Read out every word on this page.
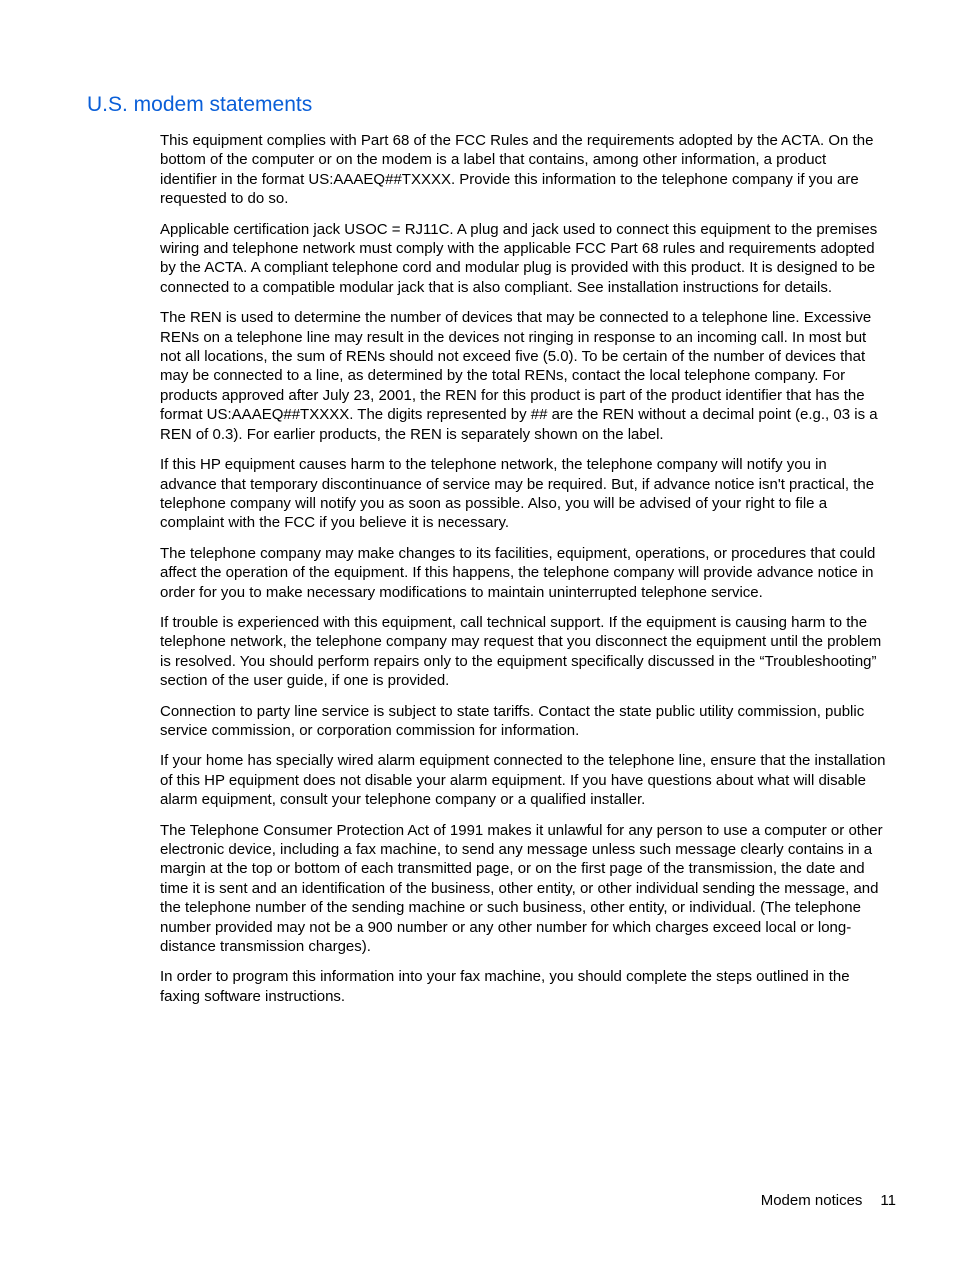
U.S. modem statements

This equipment complies with Part 68 of the FCC Rules and the requirements adopted by the ACTA. On the bottom of the computer or on the modem is a label that contains, among other information, a product identifier in the format US:AAAEQ##TXXXX. Provide this information to the telephone company if you are requested to do so.

Applicable certification jack USOC = RJ11C. A plug and jack used to connect this equipment to the premises wiring and telephone network must comply with the applicable FCC Part 68 rules and requirements adopted by the ACTA. A compliant telephone cord and modular plug is provided with this product. It is designed to be connected to a compatible modular jack that is also compliant. See installation instructions for details.

The REN is used to determine the number of devices that may be connected to a telephone line. Excessive RENs on a telephone line may result in the devices not ringing in response to an incoming call. In most but not all locations, the sum of RENs should not exceed five (5.0). To be certain of the number of devices that may be connected to a line, as determined by the total RENs, contact the local telephone company. For products approved after July 23, 2001, the REN for this product is part of the product identifier that has the format US:AAAEQ##TXXXX. The digits represented by ## are the REN without a decimal point (e.g., 03 is a REN of 0.3). For earlier products, the REN is separately shown on the label.

If this HP equipment causes harm to the telephone network, the telephone company will notify you in advance that temporary discontinuance of service may be required. But, if advance notice isn't practical, the telephone company will notify you as soon as possible. Also, you will be advised of your right to file a complaint with the FCC if you believe it is necessary.

The telephone company may make changes to its facilities, equipment, operations, or procedures that could affect the operation of the equipment. If this happens, the telephone company will provide advance notice in order for you to make necessary modifications to maintain uninterrupted telephone service.

If trouble is experienced with this equipment, call technical support. If the equipment is causing harm to the telephone network, the telephone company may request that you disconnect the equipment until the problem is resolved. You should perform repairs only to the equipment specifically discussed in the “Troubleshooting” section of the user guide, if one is provided.

Connection to party line service is subject to state tariffs. Contact the state public utility commission, public service commission, or corporation commission for information.

If your home has specially wired alarm equipment connected to the telephone line, ensure that the installation of this HP equipment does not disable your alarm equipment. If you have questions about what will disable alarm equipment, consult your telephone company or a qualified installer.

The Telephone Consumer Protection Act of 1991 makes it unlawful for any person to use a computer or other electronic device, including a fax machine, to send any message unless such message clearly contains in a margin at the top or bottom of each transmitted page, or on the first page of the transmission, the date and time it is sent and an identification of the business, other entity, or other individual sending the message, and the telephone number of the sending machine or such business, other entity, or individual. (The telephone number provided may not be a 900 number or any other number for which charges exceed local or long-distance transmission charges).

In order to program this information into your fax machine, you should complete the steps outlined in the faxing software instructions.

Modem notices 11
